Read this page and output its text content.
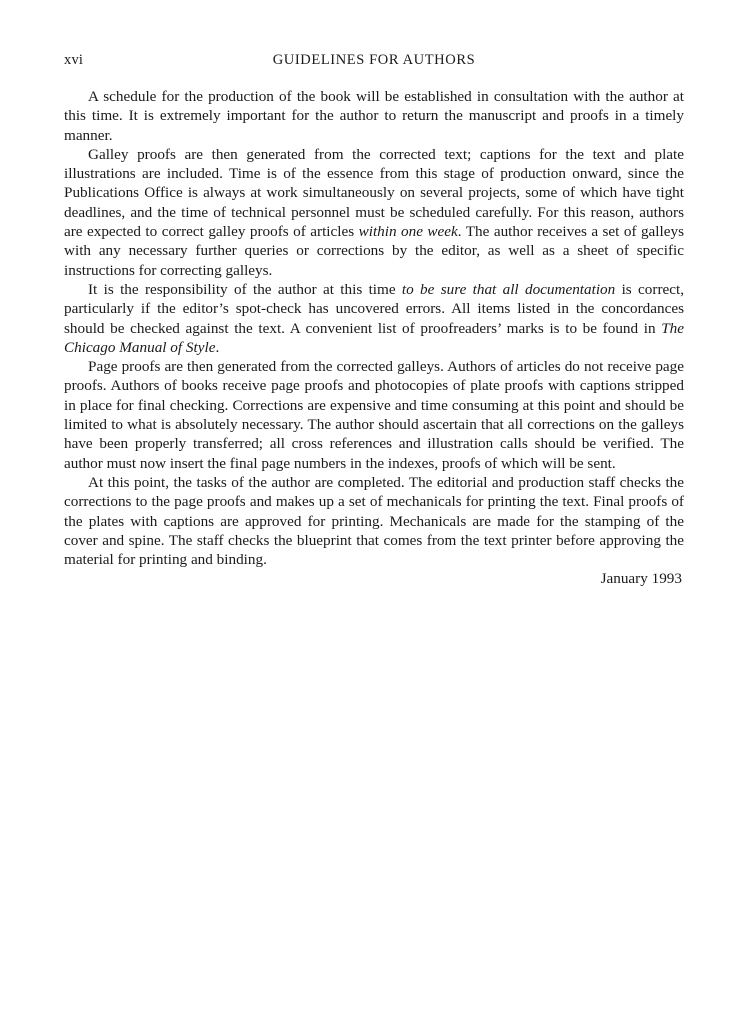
xvi	GUIDELINES FOR AUTHORS

A schedule for the production of the book will be established in consultation with the author at this time. It is extremely important for the author to return the manuscript and proofs in a timely manner.

Galley proofs are then generated from the corrected text; captions for the text and plate illustrations are included. Time is of the essence from this stage of production onward, since the Publications Office is always at work simultaneously on several projects, some of which have tight deadlines, and the time of technical personnel must be scheduled carefully. For this reason, authors are expected to correct galley proofs of articles within one week. The author receives a set of galleys with any necessary further queries or corrections by the editor, as well as a sheet of specific instructions for correcting galleys.

It is the responsibility of the author at this time to be sure that all documentation is correct, particularly if the editor’s spot-check has uncovered errors. All items listed in the concordances should be checked against the text. A convenient list of proofreaders’ marks is to be found in The Chicago Manual of Style.

Page proofs are then generated from the corrected galleys. Authors of articles do not receive page proofs. Authors of books receive page proofs and photocopies of plate proofs with captions stripped in place for final checking. Corrections are expensive and time consuming at this point and should be limited to what is absolutely necessary. The author should ascertain that all corrections on the galleys have been properly transferred; all cross references and illustration calls should be verified. The author must now insert the final page numbers in the indexes, proofs of which will be sent.

At this point, the tasks of the author are completed. The editorial and production staff checks the corrections to the page proofs and makes up a set of mechanicals for printing the text. Final proofs of the plates with captions are approved for printing. Mechanicals are made for the stamping of the cover and spine. The staff checks the blueprint that comes from the text printer before approving the material for printing and binding.

January 1993
